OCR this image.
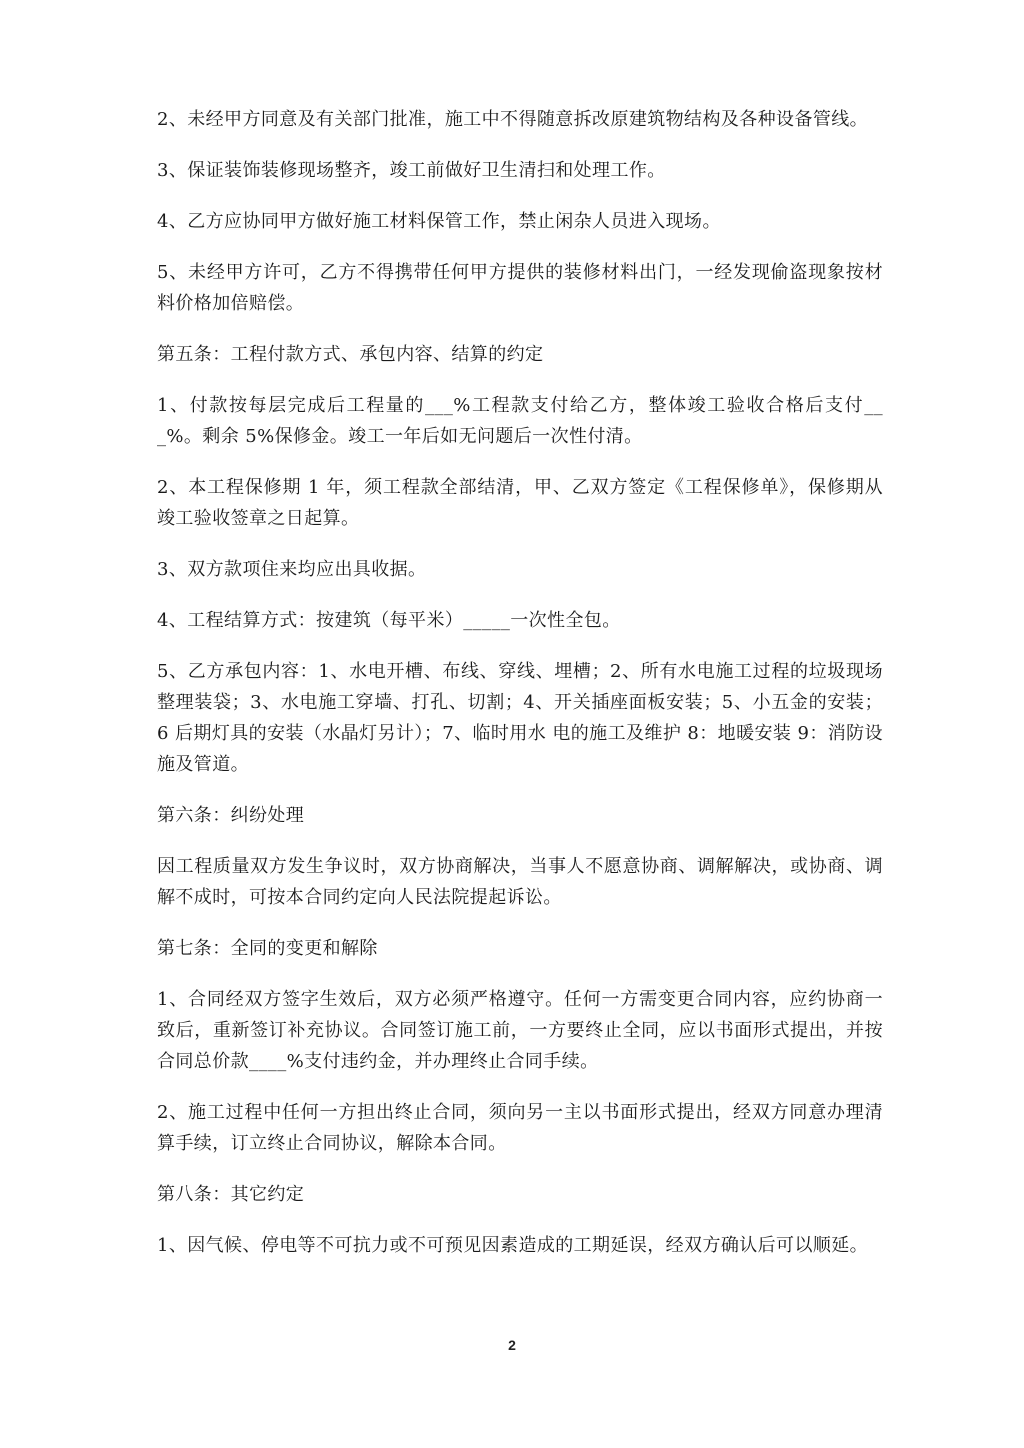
2、未经甲方同意及有关部门批准，施工中不得随意拆改原建筑物结构及各种设备管线。

3、保证装饰装修现场整齐，竣工前做好卫生清扫和处理工作。

4、乙方应协同甲方做好施工材料保管工作，禁止闲杂人员进入现场。

5、未经甲方许可，乙方不得携带任何甲方提供的装修材料出门，一经发现偷盗现象按材料价格加倍赔偿。

第五条：工程付款方式、承包内容、结算的约定

1、付款按每层完成后工程量的___%工程款支付给乙方，整体竣工验收合格后支付___%。剩余 5%保修金。竣工一年后如无问题后一次性付清。

2、本工程保修期 1 年，须工程款全部结清，甲、乙双方签定《工程保修单》，保修期从竣工验收签章之日起算。

3、双方款项住来均应出具收据。

4、工程结算方式：按建筑（每平米）_____一次性全包。

5、乙方承包内容：1、水电开槽、布线、穿线、埋槽；2、所有水电施工过程的垃圾现场整理装袋；3、水电施工穿墙、打孔、切割；4、开关插座面板安装；5、小五金的安装；6 后期灯具的安装（水晶灯另计）；7、临时用水 电的施工及维护 8：地暖安装 9：消防设施及管道。

第六条：纠纷处理

因工程质量双方发生争议时，双方协商解决，当事人不愿意协商、调解解决，或协商、调解不成时，可按本合同约定向人民法院提起诉讼。

第七条：全同的变更和解除

1、合同经双方签字生效后，双方必须严格遵守。任何一方需变更合同内容，应约协商一致后，重新签订补充协议。合同签订施工前，一方要终止全同，应以书面形式提出，并按合同总价款____%支付违约金，并办理终止合同手续。

2、施工过程中任何一方担出终止合同，须向另一主以书面形式提出，经双方同意办理清算手续，订立终止合同协议，解除本合同。

第八条：其它约定

1、因气候、停电等不可抗力或不可预见因素造成的工期延误，经双方确认后可以顺延。

2
